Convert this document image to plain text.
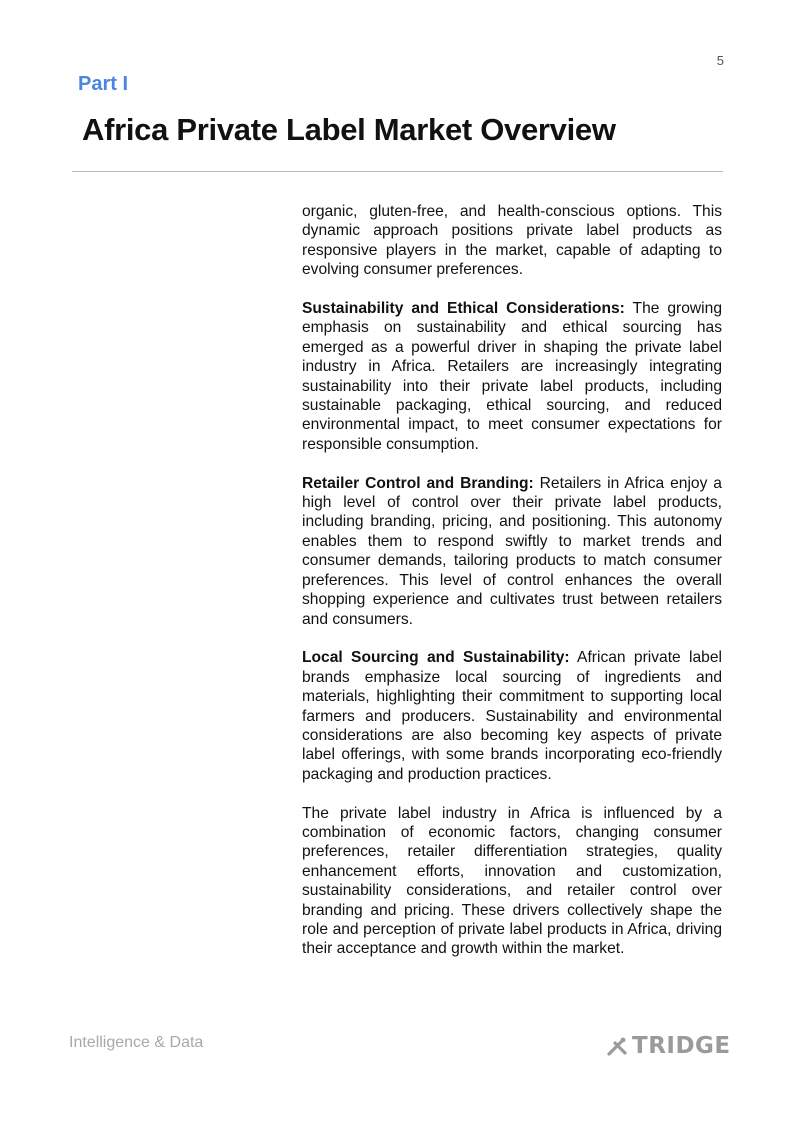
5
Part I
Africa Private Label Market Overview

organic, gluten-free, and health-conscious options. This dynamic approach positions private label products as responsive players in the market, capable of adapting to evolving consumer preferences.

Sustainability and Ethical Considerations: The growing emphasis on sustainability and ethical sourcing has emerged as a powerful driver in shaping the private label industry in Africa. Retailers are increasingly integrating sustainability into their private label products, including sustainable packaging, ethical sourcing, and reduced environmental impact, to meet consumer expectations for responsible consumption.

Retailer Control and Branding: Retailers in Africa enjoy a high level of control over their private label products, including branding, pricing, and positioning. This autonomy enables them to respond swiftly to market trends and consumer demands, tailoring products to match consumer preferences. This level of control enhances the overall shopping experience and cultivates trust between retailers and consumers.

Local Sourcing and Sustainability: African private label brands emphasize local sourcing of ingredients and materials, highlighting their commitment to supporting local farmers and producers. Sustainability and environmental considerations are also becoming key aspects of private label offerings, with some brands incorporating eco-friendly packaging and production practices.

The private label industry in Africa is influenced by a combination of economic factors, changing consumer preferences, retailer differentiation strategies, quality enhancement efforts, innovation and customization, sustainability considerations, and retailer control over branding and pricing. These drivers collectively shape the role and perception of private label products in Africa, driving their acceptance and growth within the market.

Intelligence & Data	TRIDGE
